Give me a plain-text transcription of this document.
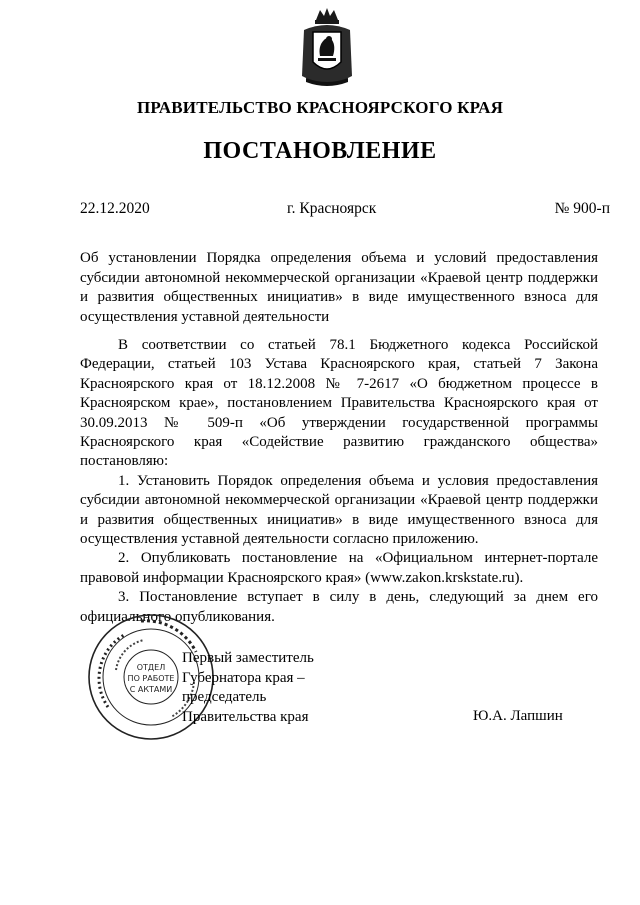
ПРАВИТЕЛЬСТВО КРАСНОЯРСКОГО КРАЯ
ПОСТАНОВЛЕНИЕ
22.12.2020	г. Красноярск	№ 900-п
Об установлении Порядка определения объема и условий предоставления субсидии автономной некоммерческой организации «Краевой центр поддержки и развития общественных инициатив» в виде имущественного взноса для осуществления уставной деятельности

В соответствии со статьей 78.1 Бюджетного кодекса Российской Федерации, статьей 103 Устава Красноярского края, статьей 7 Закона Красноярского края от 18.12.2008 № 7-2617 «О бюджетном процессе в Красноярском крае», постановлением Правительства Красноярского края от 30.09.2013 № 509-п «Об утверждении государственной программы Красноярского края «Содействие развитию гражданского общества» постановляю:

1. Установить Порядок определения объема и условия предоставления субсидии автономной некоммерческой организации «Краевой центр поддержки и развития общественных инициатив» в виде имущественного взноса для осуществления уставной деятельности согласно приложению.

2. Опубликовать постановление на «Официальном интернет-портале правовой информации Красноярского края» (www.zakon.krskstate.ru).

3. Постановление вступает в силу в день, следующий за днем его официального опубликования.

ОТДЕЛ
ПО РАБОТЕ
С АКТАМИ
Первый заместитель
Губернатора края –
председатель
Правительства края	Ю.А. Лапшин
